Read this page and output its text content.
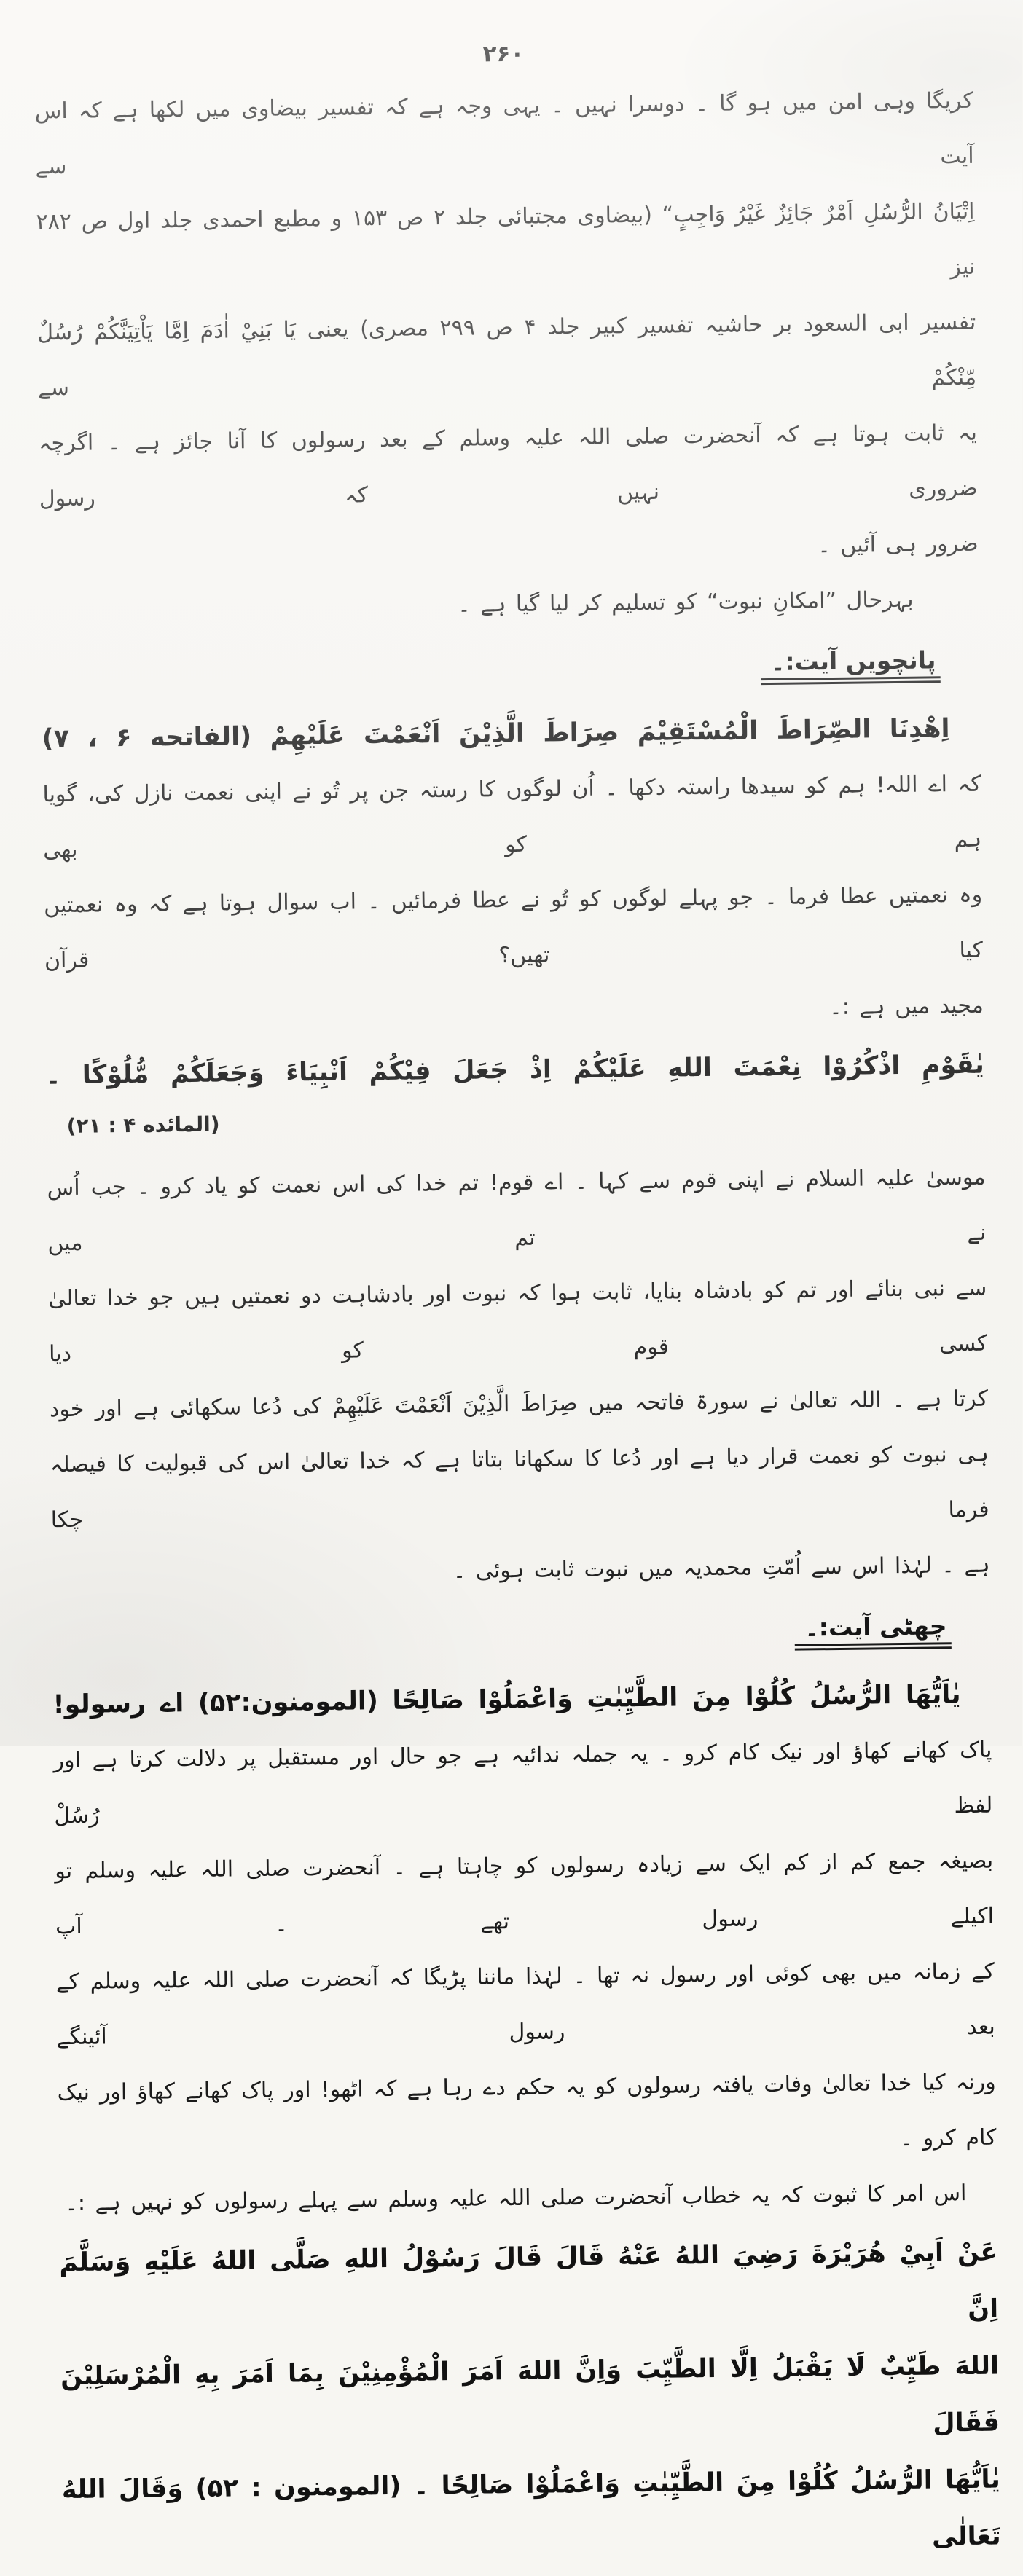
۲۶۰
کریگا وہی امن میں ہو گا ۔ دوسرا نہیں ۔ یہی وجہ ہے کہ تفسیر بیضاوی میں لکھا ہے کہ اس آیت سے
اِتْيَانُ الرُّسُلِ اَمْرٌ جَائِزٌ غَيْرُ وَاجِبٍ“ (بیضاوی مجتبائی جلد ۲ ص ۱۵۳ و مطبع احمدی جلد اول ص ۲۸۲ نیز
تفسیر ابی السعود بر حاشیہ تفسیر کبیر جلد ۴ ص ۲۹۹ مصری) یعنی يَا بَنِيْ اٰدَمَ اِمَّا يَاْتِيَنَّكُمْ رُسُلٌ مِّنْكُمْ سے
یہ ثابت ہوتا ہے کہ آنحضرت صلی اللہ علیہ وسلم کے بعد رسولوں کا آنا جائز ہے ۔ اگرچہ ضروری نہیں کہ رسول
ضرور ہی آئیں ۔
بہرحال ”امکانِ نبوت“ کو تسلیم کر لیا گیا ہے ۔
پانچویں آیت:۔
اِهْدِنَا الصِّرَاطَ الْمُسْتَقِيْمَ صِرَاطَ الَّذِيْنَ اَنْعَمْتَ عَلَيْهِمْ (الفاتحه ۶ ، ۷)
کہ اے اللہ! ہم کو سیدھا راستہ دکھا ۔ اُن لوگوں کا رستہ جن پر تُو نے اپنی نعمت نازل کی، گویا ہم کو بھی
وہ نعمتیں عطا فرما ۔ جو پہلے لوگوں کو تُو نے عطا فرمائیں ۔ اب سوال ہوتا ہے کہ وہ نعمتیں کیا تھیں؟ قرآن
مجید میں ہے :۔
يٰقَوْمِ اذْكُرُوْا نِعْمَتَ اللهِ عَلَيْكُمْ اِذْ جَعَلَ فِيْكُمْ اَنْبِيَاءَ وَجَعَلَكُمْ مُّلُوْكًا ۔
(المائده ۴ : ۲۱)
موسیٰ علیہ السلام نے اپنی قوم سے کہا ۔ اے قوم! تم خدا کی اس نعمت کو یاد کرو ۔ جب اُس نے تم میں
سے نبی بنائے اور تم کو بادشاہ بنایا، ثابت ہوا کہ نبوت اور بادشاہت دو نعمتیں ہیں جو خدا تعالیٰ کسی قوم کو دیا
کرتا ہے ۔ اللہ تعالیٰ نے سورۃ فاتحہ میں صِرَاطَ الَّذِيْنَ اَنْعَمْتَ عَلَيْهِمْ کی دُعا سکھائی ہے اور خود
ہی نبوت کو نعمت قرار دیا ہے اور دُعا کا سکھانا بتاتا ہے کہ خدا تعالیٰ اس کی قبولیت کا فیصلہ فرما چکا
ہے ۔ لہٰذا اس سے اُمّتِ محمدیہ میں نبوت ثابت ہوئی ۔
چھٹی آیت:۔
يٰاَيُّهَا الرُّسُلُ كُلُوْا مِنَ الطَّيِّبٰتِ وَاعْمَلُوْا صَالِحًا (المومنون:۵۲) اے رسولو!
پاک کھانے کھاؤ اور نیک کام کرو ۔ یہ جملہ ندائیہ ہے جو حال اور مستقبل پر دلالت کرتا ہے اور لفظ رُسُلْ
بصیغہ جمع کم از کم ایک سے زیادہ رسولوں کو چاہتا ہے ۔ آنحضرت صلی اللہ علیہ وسلم تو اکیلے رسول تھے ۔ آپ
کے زمانہ میں بھی کوئی اور رسول نہ تھا ۔ لہٰذا ماننا پڑیگا کہ آنحضرت صلی اللہ علیہ وسلم کے بعد رسول آئینگے
ورنہ کیا خدا تعالیٰ وفات یافتہ رسولوں کو یہ حکم دے رہا ہے کہ اٹھو! اور پاک کھانے کھاؤ اور نیک
کام کرو ۔
اس امر کا ثبوت کہ یہ خطاب آنحضرت صلی اللہ علیہ وسلم سے پہلے رسولوں کو نہیں ہے :۔
عَنْ اَبِيْ هُرَيْرَةَ رَضِيَ اللهُ عَنْهُ قَالَ قَالَ رَسُوْلُ اللهِ صَلَّى اللهُ عَلَيْهِ وَسَلَّمَ اِنَّ
اللهَ طَيِّبٌ لَا يَقْبَلُ اِلَّا الطَّيِّبَ وَاِنَّ اللهَ اَمَرَ الْمُؤْمِنِيْنَ بِمَا اَمَرَ بِهِ الْمُرْسَلِيْنَ فَقَالَ
يٰاَيُّهَا الرُّسُلُ كُلُوْا مِنَ الطَّيِّبٰتِ وَاعْمَلُوْا صَالِحًا ۔ (المومنون : ۵۲) وَقَالَ اللهُ تَعَالٰى
